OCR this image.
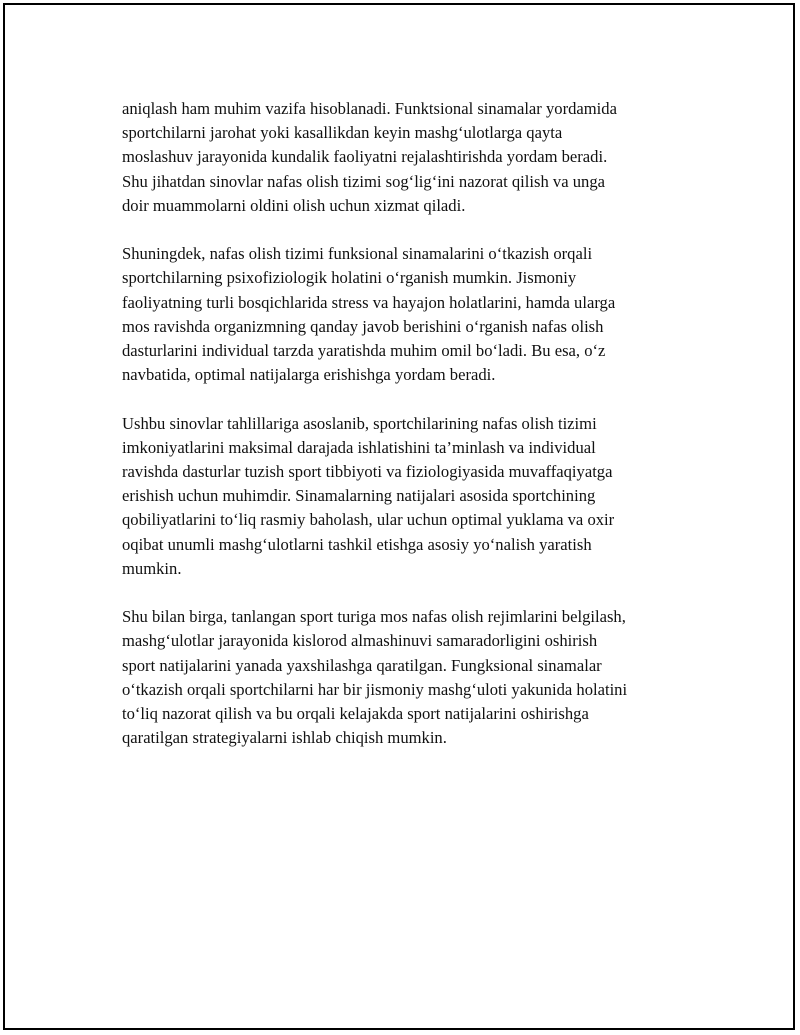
aniqlash ham muhim vazifa hisoblanadi. Funktsional sinamalar yordamida
sportchilarni jarohat yoki kasallikdan keyin mashg‘ulotlarga qayta
moslashuv jarayonida kundalik faoliyatni rejalashtirishda yordam beradi.
Shu jihatdan sinovlar nafas olish tizimi sog‘lig‘ini nazorat qilish va unga
doir muammolarni oldini olish uchun xizmat qiladi.

Shuningdek, nafas olish tizimi funksional sinamalarini o‘tkazish orqali
sportchilarning psixofiziologik holatini o‘rganish mumkin. Jismoniy
faoliyatning turli bosqichlarida stress va hayajon holatlarini, hamda ularga
mos ravishda organizmning qanday javob berishini o‘rganish nafas olish
dasturlarini individual tarzda yaratishda muhim omil bo‘ladi. Bu esa, o‘z
navbatida, optimal natijalarga erishishga yordam beradi.

Ushbu sinovlar tahlillariga asoslanib, sportchilarining nafas olish tizimi
imkoniyatlarini maksimal darajada ishlatishini ta’minlash va individual
ravishda dasturlar tuzish sport tibbiyoti va fiziologiyasida muvaffaqiyatga
erishish uchun muhimdir. Sinamalarning natijalari asosida sportchining
qobiliyatlarini to‘liq rasmiy baholash, ular uchun optimal yuklama va oxir
oqibat unumli mashg‘ulotlarni tashkil etishga asosiy yo‘nalish yaratish
mumkin.

Shu bilan birga, tanlangan sport turiga mos nafas olish rejimlarini belgilash,
mashg‘ulotlar jarayonida kislorod almashinuvi samaradorligini oshirish
sport natijalarini yanada yaxshilashga qaratilgan. Fungksional sinamalar
o‘tkazish orqali sportchilarni har bir jismoniy mashg‘uloti yakunida holatini
to‘liq nazorat qilish va bu orqali kelajakda sport natijalarini oshirishga
qaratilgan strategiyalarni ishlab chiqish mumkin.
